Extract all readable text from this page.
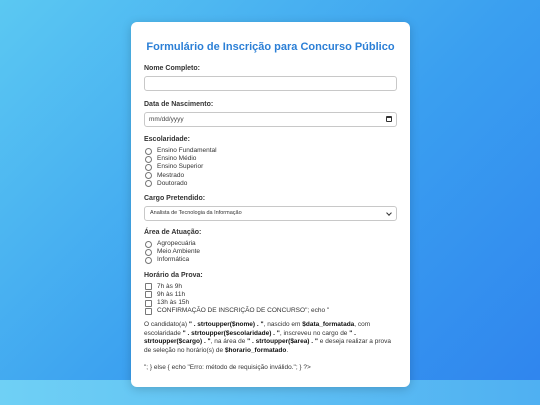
Formulário de Inscrição para Concurso Público
Nome Completo:
Data de Nascimento:
mm/dd/yyyy
Escolaridade:
Ensino Fundamental
Ensino Médio
Ensino Superior
Mestrado
Doutorado
Cargo Pretendido:
Analista de Tecnologia da Informação
Área de Atuação:
Agropecuária
Meio Ambiente
Informática
Horário da Prova:
7h às 9h
9h às 11h
13h às 15h
CONFIRMAÇÃO DE INSCRIÇÃO DE CONCURSO"; echo "

O candidato(a) " . strtoupper($nome) . ", nascido em $data_formatada, com escolaridade " . strtoupper($escolaridade) . ", inscreveu no cargo de " . strtoupper($cargo) . ", na área de " . strtoupper($area) . " e deseja realizar a prova de seleção no horário(s) de $horario_formatado.

"; } else { echo "Erro: método de requisição inválido."; } ?>
